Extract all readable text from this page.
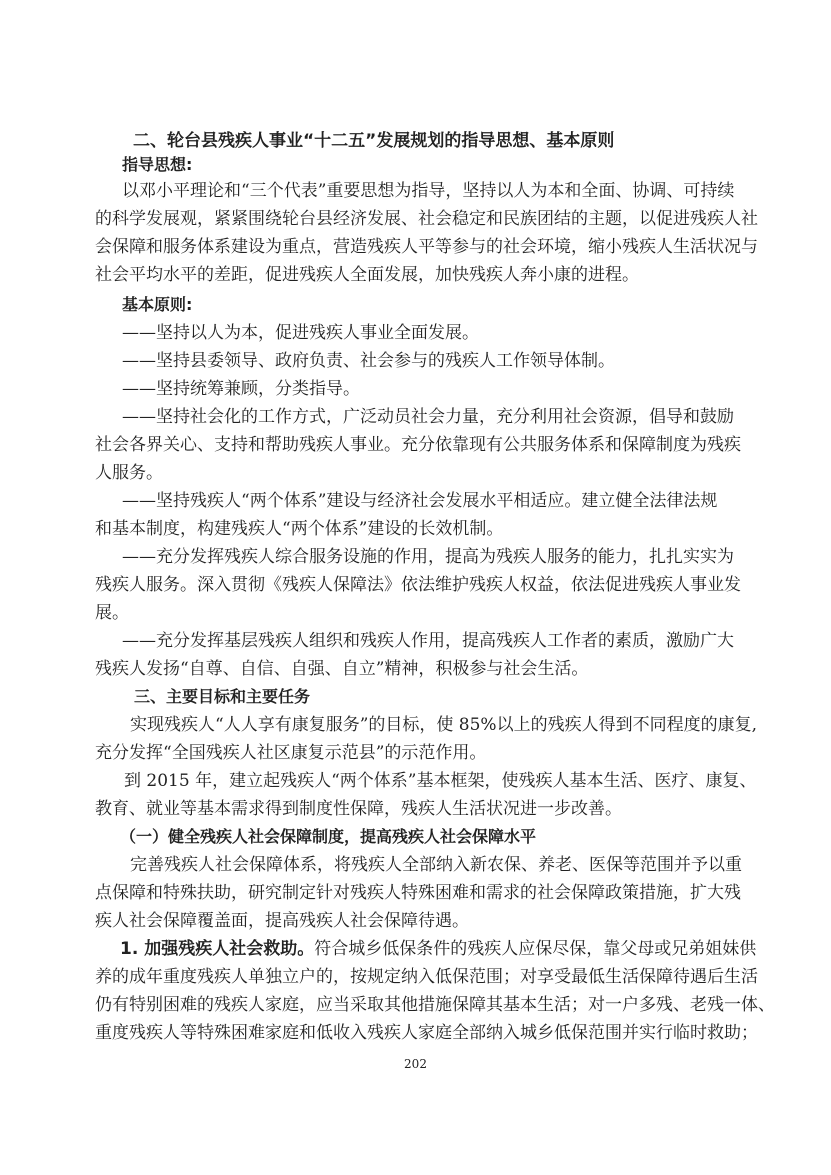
二、轮台县残疾人事业“十二五”发展规划的指导思想、基本原则
指导思想:
以邓小平理论和“三个代表”重要思想为指导，坚持以人为本和全面、协调、可持续
的科学发展观，紧紧围绕轮台县经济发展、社会稳定和民族团结的主题，以促进残疾人社
会保障和服务体系建设为重点，营造残疾人平等参与的社会环境，缩小残疾人生活状况与
社会平均水平的差距，促进残疾人全面发展，加快残疾人奔小康的进程。
基本原则:
——坚持以人为本，促进残疾人事业全面发展。
——坚持县委领导、政府负责、社会参与的残疾人工作领导体制。
——坚持统筹兼顾，分类指导。
——坚持社会化的工作方式，广泛动员社会力量，充分利用社会资源，倡导和鼓励
社会各界关心、支持和帮助残疾人事业。充分依靠现有公共服务体系和保障制度为残疾
人服务。
——坚持残疾人“两个体系”建设与经济社会发展水平相适应。建立健全法律法规
和基本制度，构建残疾人“两个体系”建设的长效机制。
——充分发挥残疾人综合服务设施的作用，提高为残疾人服务的能力，扎扎实实为
残疾人服务。深入贯彻《残疾人保障法》依法维护残疾人权益，依法促进残疾人事业发
展。
——充分发挥基层残疾人组织和残疾人作用，提高残疾人工作者的素质，激励广大
残疾人发扬“自尊、自信、自强、自立”精神，积极参与社会生活。
三、主要目标和主要任务
实现残疾人“人人享有康复服务”的目标，使 85%以上的残疾人得到不同程度的康复,
充分发挥“全国残疾人社区康复示范县”的示范作用。
到 2015 年，建立起残疾人“两个体系”基本框架，使残疾人基本生活、医疗、康复、
教育、就业等基本需求得到制度性保障，残疾人生活状况进一步改善。
（一）健全残疾人社会保障制度，提高残疾人社会保障水平
完善残疾人社会保障体系，将残疾人全部纳入新农保、养老、医保等范围并予以重
点保障和特殊扶助，研究制定针对残疾人特殊困难和需求的社会保障政策措施，扩大残
疾人社会保障覆盖面，提高残疾人社会保障待遇。
1. 加强残疾人社会救助。符合城乡低保条件的残疾人应保尽保，靠父母或兄弟姐妹供
养的成年重度残疾人单独立户的，按规定纳入低保范围；对享受最低生活保障待遇后生活
仍有特别困难的残疾人家庭，应当采取其他措施保障其基本生活；对一户多残、老残一体、
重度残疾人等特殊困难家庭和低收入残疾人家庭全部纳入城乡低保范围并实行临时救助；
202
